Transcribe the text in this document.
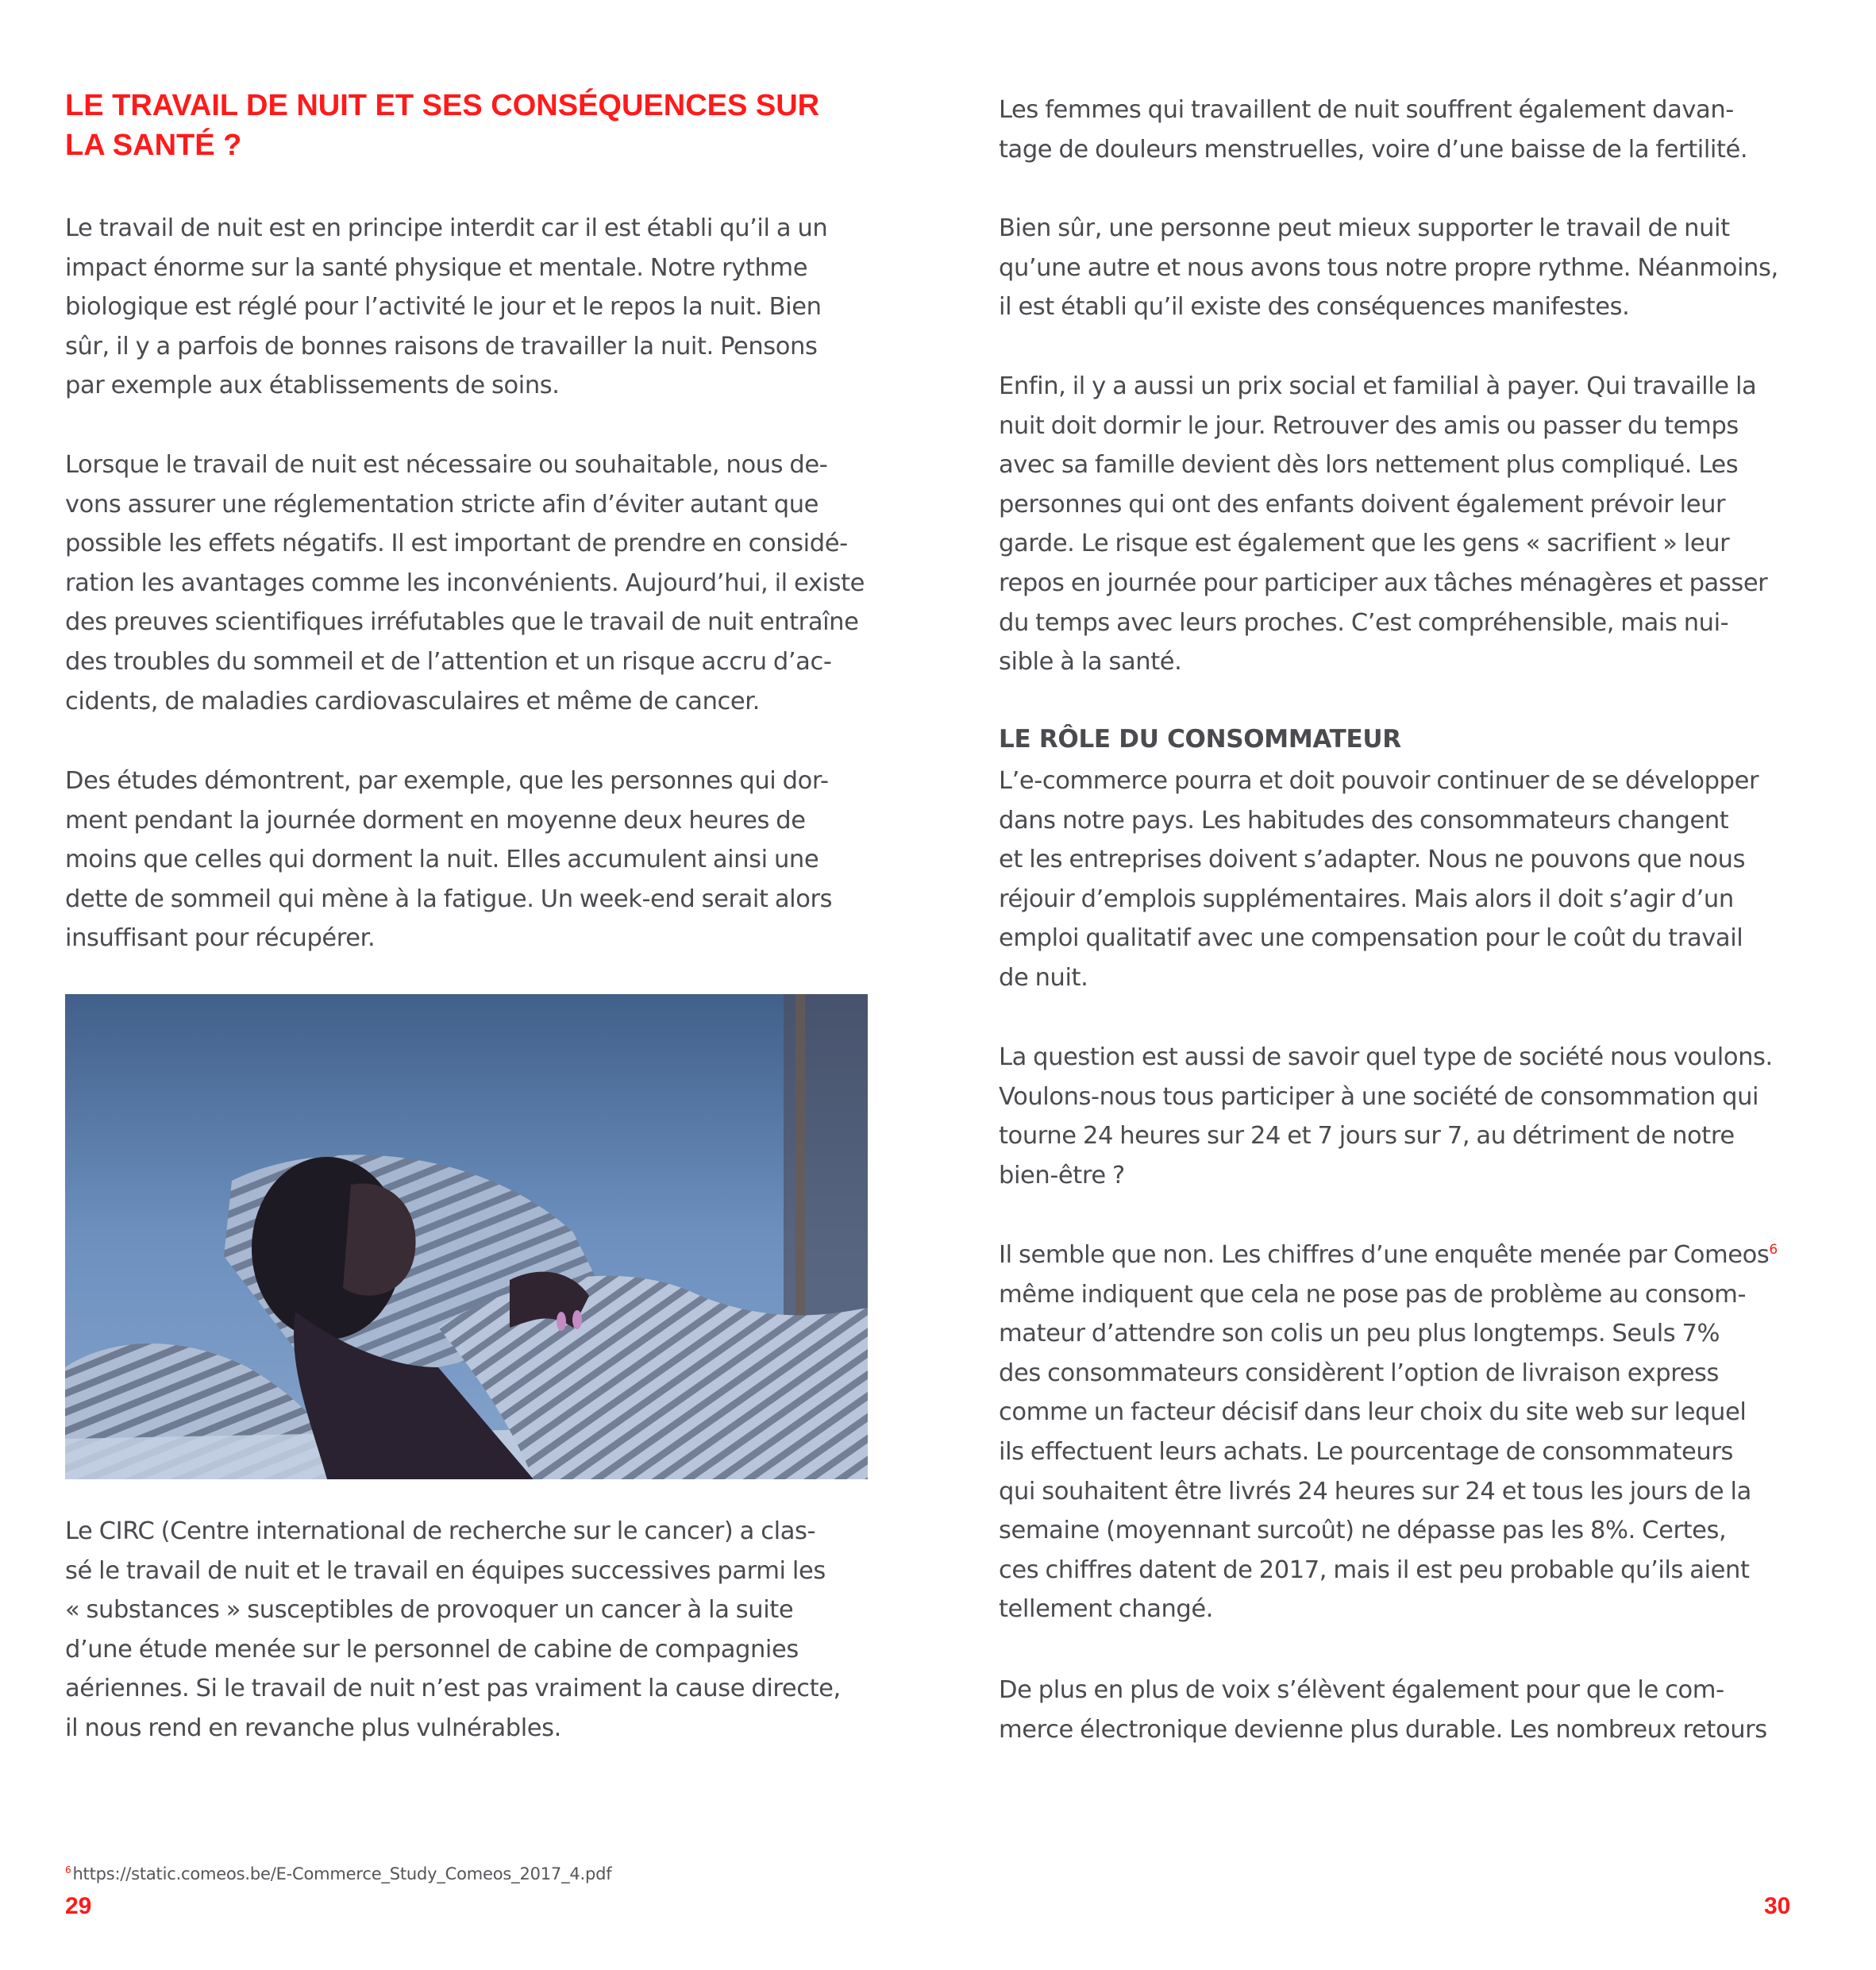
LE TRAVAIL DE NUIT ET SES CONSÉQUENCES SUR
LA SANTÉ ?

Le travail de nuit est en principe interdit car il est établi qu’il a un
impact énorme sur la santé physique et mentale. Notre rythme
biologique est réglé pour l’activité le jour et le repos la nuit. Bien
sûr, il y a parfois de bonnes raisons de travailler la nuit. Pensons
par exemple aux établissements de soins.

Lorsque le travail de nuit est nécessaire ou souhaitable, nous de-
vons assurer une réglementation stricte afin d’éviter autant que
possible les effets négatifs. Il est important de prendre en considé-
ration les avantages comme les inconvénients. Aujourd’hui, il existe
des preuves scientifiques irréfutables que le travail de nuit entraîne
des troubles du sommeil et de l’attention et un risque accru d’ac-
cidents, de maladies cardiovasculaires et même de cancer.

Des études démontrent, par exemple, que les personnes qui dor-
ment pendant la journée dorment en moyenne deux heures de
moins que celles qui dorment la nuit. Elles accumulent ainsi une
dette de sommeil qui mène à la fatigue. Un week-end serait alors
insuffisant pour récupérer.

Le CIRC (Centre international de recherche sur le cancer) a clas-
sé le travail de nuit et le travail en équipes successives parmi les
« substances » susceptibles de provoquer un cancer à la suite
d’une étude menée sur le personnel de cabine de compagnies
aériennes. Si le travail de nuit n’est pas vraiment la cause directe,
il nous rend en revanche plus vulnérables.

$^6$https://static.comeos.be/E-Commerce_Study_Comeos_2017_4.pdf
29

Les femmes qui travaillent de nuit souffrent également davan-
tage de douleurs menstruelles, voire d’une baisse de la fertilité.

Bien sûr, une personne peut mieux supporter le travail de nuit
qu’une autre et nous avons tous notre propre rythme. Néanmoins,
il est établi qu’il existe des conséquences manifestes.

Enfin, il y a aussi un prix social et familial à payer. Qui travaille la
nuit doit dormir le jour. Retrouver des amis ou passer du temps
avec sa famille devient dès lors nettement plus compliqué. Les
personnes qui ont des enfants doivent également prévoir leur
garde. Le risque est également que les gens « sacrifient » leur
repos en journée pour participer aux tâches ménagères et passer
du temps avec leurs proches. C’est compréhensible, mais nui-
sible à la santé.

LE RÔLE DU CONSOMMATEUR

L’e-commerce pourra et doit pouvoir continuer de se développer
dans notre pays. Les habitudes des consommateurs changent
et les entreprises doivent s’adapter. Nous ne pouvons que nous
réjouir d’emplois supplémentaires. Mais alors il doit s’agir d’un
emploi qualitatif avec une compensation pour le coût du travail
de nuit.

La question est aussi de savoir quel type de société nous voulons.
Voulons-nous tous participer à une société de consommation qui
tourne 24 heures sur 24 et 7 jours sur 7, au détriment de notre
bien-être ?

Il semble que non. Les chiffres d’une enquête menée par Comeos$^6$
même indiquent que cela ne pose pas de problème au consom-
mateur d’attendre son colis un peu plus longtemps. Seuls 7%
des consommateurs considèrent l’option de livraison express
comme un facteur décisif dans leur choix du site web sur lequel
ils effectuent leurs achats. Le pourcentage de consommateurs
qui souhaitent être livrés 24 heures sur 24 et tous les jours de la
semaine (moyennant surcoût) ne dépasse pas les 8%. Certes,
ces chiffres datent de 2017, mais il est peu probable qu’ils aient
tellement changé.

De plus en plus de voix s’élèvent également pour que le com-
merce électronique devienne plus durable. Les nombreux retours

30
